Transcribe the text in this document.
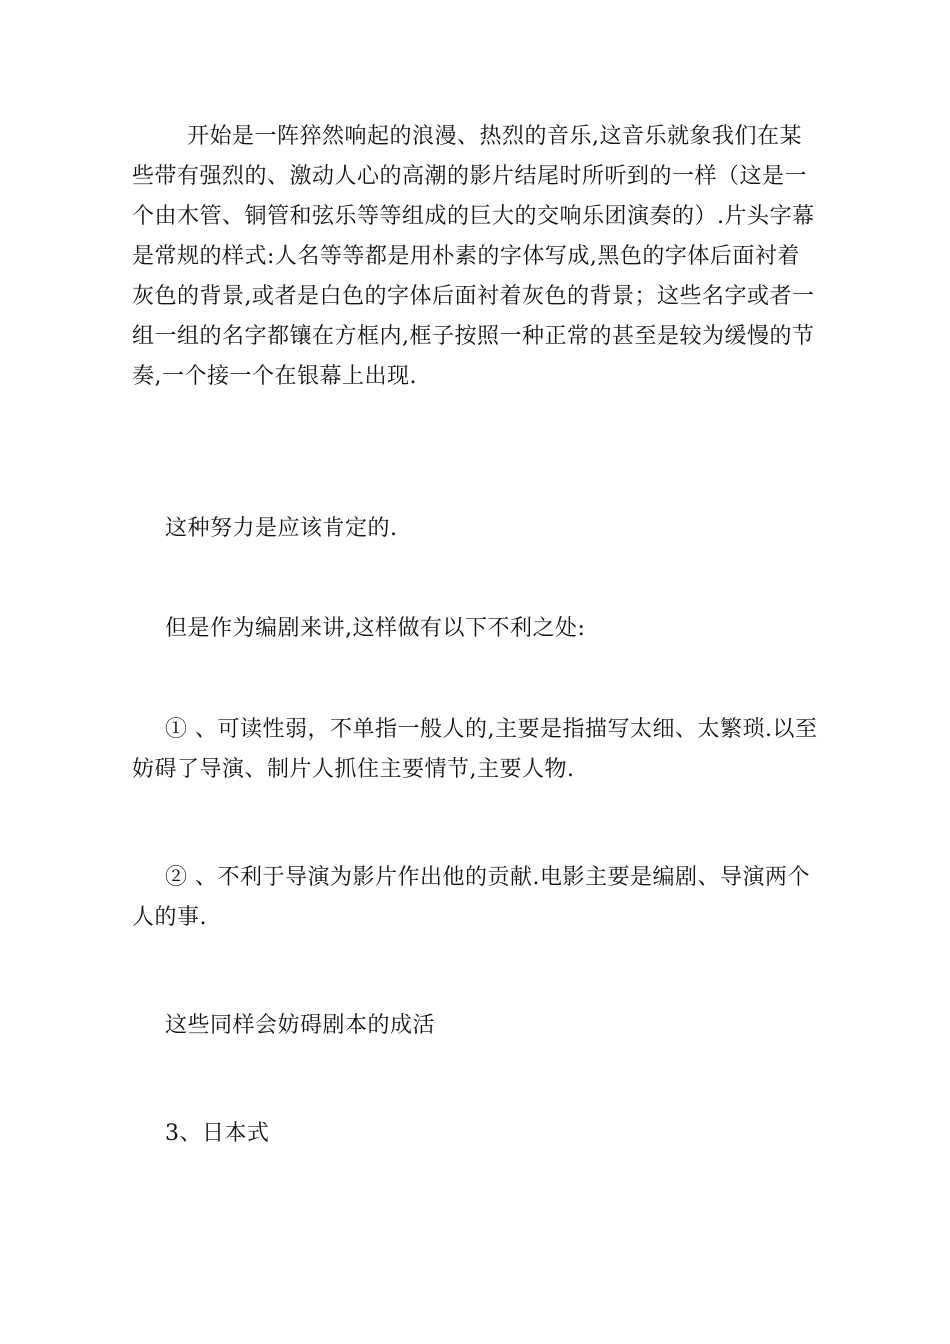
开始是一阵猝然响起的浪漫、热烈的音乐,这音乐就象我们在某些带有强烈的、激动人心的高潮的影片结尾时所听到的一样（这是一个由木管、铜管和弦乐等等组成的巨大的交响乐团演奏的）.片头字幕是常规的样式:人名等等都是用朴素的字体写成,黑色的字体后面衬着灰色的背景,或者是白色的字体后面衬着灰色的背景；这些名字或者一组一组的名字都镶在方框内,框子按照一种正常的甚至是较为缓慢的节奏,一个接一个在银幕上出现.

这种努力是应该肯定的.

但是作为编剧来讲,这样做有以下不利之处:

① 、可读性弱，不单指一般人的,主要是指描写太细、太繁琐.以至妨碍了导演、制片人抓住主要情节,主要人物.

② 、不利于导演为影片作出他的贡献.电影主要是编剧、导演两个人的事.

这些同样会妨碍剧本的成活

3、日本式
